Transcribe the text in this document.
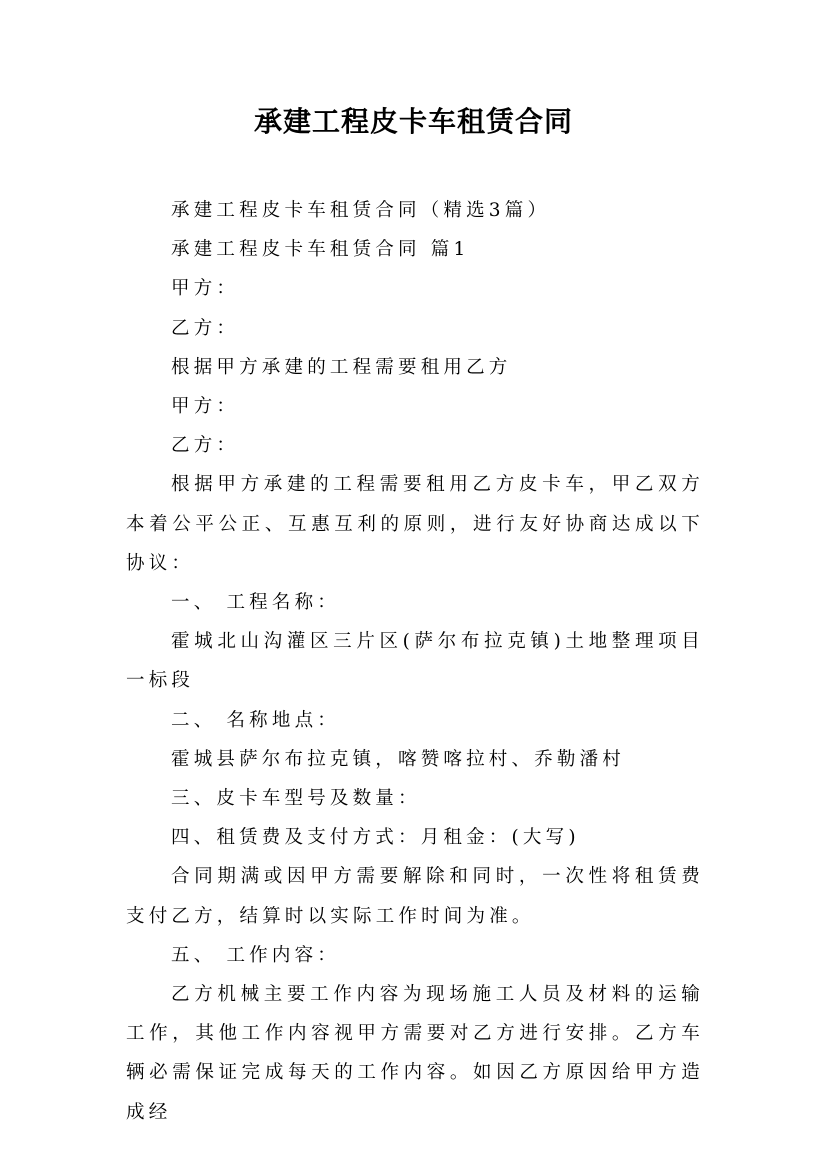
承建工程皮卡车租赁合同

承建工程皮卡车租赁合同（精选3篇）

承建工程皮卡车租赁合同 篇1

甲方：

乙方：

根据甲方承建的工程需要租用乙方

甲方：

乙方：

根据甲方承建的工程需要租用乙方皮卡车，甲乙双方本着公平公正、互惠互利的原则，进行友好协商达成以下协议：

一、 工程名称：

霍城北山沟灌区三片区(萨尔布拉克镇)土地整理项目一标段

二、 名称地点：

霍城县萨尔布拉克镇，喀赞喀拉村、乔勒潘村

三、皮卡车型号及数量：

四、租赁费及支付方式：月租金：(大写)

合同期满或因甲方需要解除和同时，一次性将租赁费支付乙方，结算时以实际工作时间为准。

五、 工作内容：

乙方机械主要工作内容为现场施工人员及材料的运输工作，其他工作内容视甲方需要对乙方进行安排。乙方车辆必需保证完成每天的工作内容。如因乙方原因给甲方造成经
